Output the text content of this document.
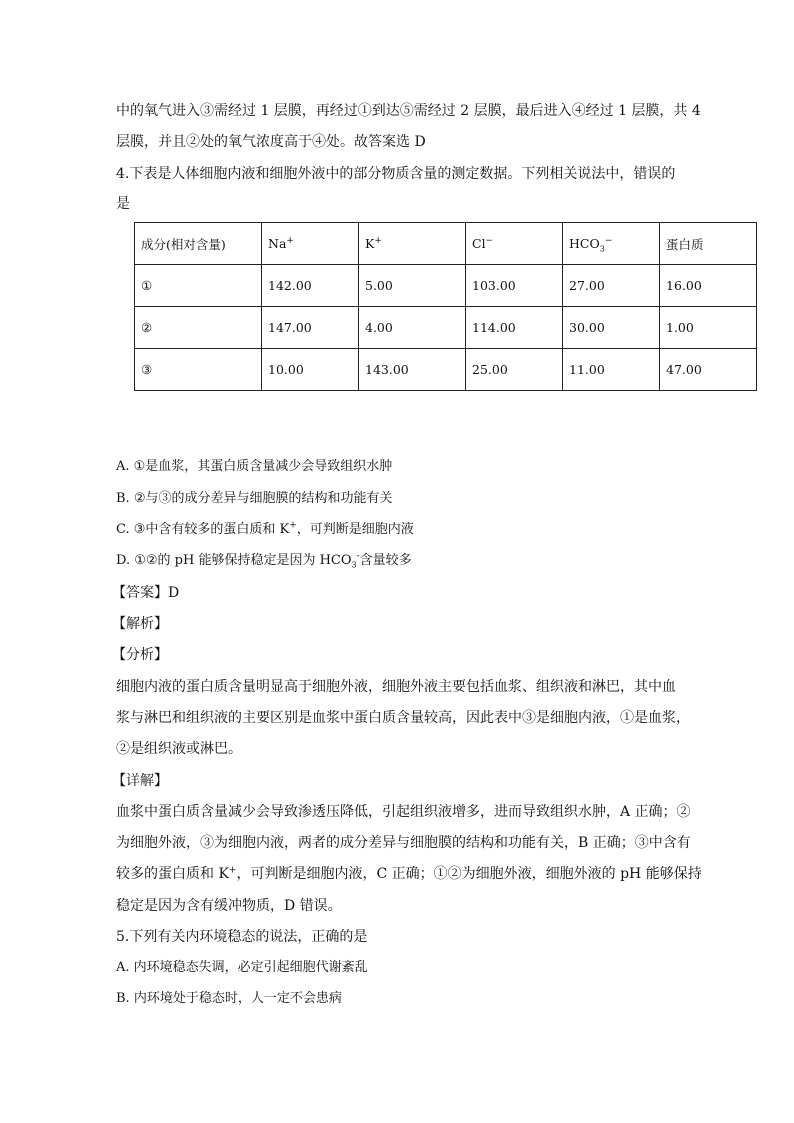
中的氧气进入③需经过 1 层膜，再经过①到达⑤需经过 2 层膜，最后进入④经过 1 层膜，共 4
层膜，并且②处的氧气浓度高于④处。故答案选 D
4.下表是人体细胞内液和细胞外液中的部分物质含量的测定数据。下列相关说法中，错误的
是
成分(相对含量)	Na+	K+	Cl−	$HCO_3^-$	蛋白质
①	142.00	5.00	103.00	27.00	16.00
②	147.00	4.00	114.00	30.00	1.00
③	10.00	143.00	25.00	11.00	47.00
A. ①是血浆，其蛋白质含量减少会导致组织水肿
B. ②与③的成分差异与细胞膜的结构和功能有关
C. ③中含有较多的蛋白质和 K+，可判断是细胞内液
D. ①②的 pH 能够保持稳定是因为 $HCO_3^-$含量较多
【答案】D
【解析】
【分析】
细胞内液的蛋白质含量明显高于细胞外液，细胞外液主要包括血浆、组织液和淋巴，其中血
浆与淋巴和组织液的主要区别是血浆中蛋白质含量较高，因此表中③是细胞内液，①是血浆，
②是组织液或淋巴。
【详解】
血浆中蛋白质含量减少会导致渗透压降低，引起组织液增多，进而导致组织水肿，A 正确；②
为细胞外液，③为细胞内液，两者的成分差异与细胞膜的结构和功能有关，B 正确；③中含有
较多的蛋白质和 K+，可判断是细胞内液，C 正确；①②为细胞外液，细胞外液的 pH 能够保持
稳定是因为含有缓冲物质，D 错误。
5.下列有关内环境稳态的说法，正确的是
A. 内环境稳态失调，必定引起细胞代谢紊乱
B. 内环境处于稳态时，人一定不会患病
